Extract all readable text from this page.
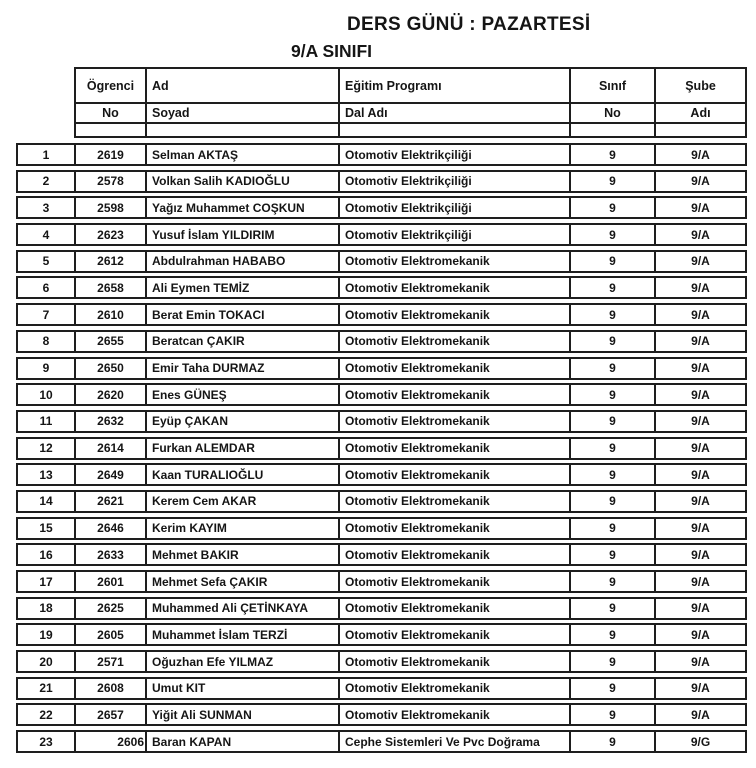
DERS GÜNÜ : PAZARTESİ
9/A SINIFI
Ögrenci	Ad	Eğitim Programı	Sınıf	Şube
No	Soyad	Dal Adı	No	Adı
1	2619	Selman AKTAŞ	Otomotiv Elektrikçiliği	9	9/A
2	2578	Volkan Salih KADIOĞLU	Otomotiv Elektrikçiliği	9	9/A
3	2598	Yağız Muhammet COŞKUN	Otomotiv Elektrikçiliği	9	9/A
4	2623	Yusuf İslam YILDIRIM	Otomotiv Elektrikçiliği	9	9/A
5	2612	Abdulrahman HABABO	Otomotiv Elektromekanik	9	9/A
6	2658	Ali Eymen TEMİZ	Otomotiv Elektromekanik	9	9/A
7	2610	Berat Emin TOKACI	Otomotiv Elektromekanik	9	9/A
8	2655	Beratcan ÇAKIR	Otomotiv Elektromekanik	9	9/A
9	2650	Emir Taha DURMAZ	Otomotiv Elektromekanik	9	9/A
10	2620	Enes GÜNEŞ	Otomotiv Elektromekanik	9	9/A
11	2632	Eyüp ÇAKAN	Otomotiv Elektromekanik	9	9/A
12	2614	Furkan ALEMDAR	Otomotiv Elektromekanik	9	9/A
13	2649	Kaan TURALIOĞLU	Otomotiv Elektromekanik	9	9/A
14	2621	Kerem Cem AKAR	Otomotiv Elektromekanik	9	9/A
15	2646	Kerim KAYIM	Otomotiv Elektromekanik	9	9/A
16	2633	Mehmet BAKIR	Otomotiv Elektromekanik	9	9/A
17	2601	Mehmet Sefa ÇAKIR	Otomotiv Elektromekanik	9	9/A
18	2625	Muhammed Ali ÇETİNKAYA	Otomotiv Elektromekanik	9	9/A
19	2605	Muhammet İslam TERZİ	Otomotiv Elektromekanik	9	9/A
20	2571	Oğuzhan Efe YILMAZ	Otomotiv Elektromekanik	9	9/A
21	2608	Umut KIT	Otomotiv Elektromekanik	9	9/A
22	2657	Yiğit Ali SUNMAN	Otomotiv Elektromekanik	9	9/A
23	2606 Baran KAPAN	Cephe Sistemleri Ve Pvc Doğrama	9	9/G
